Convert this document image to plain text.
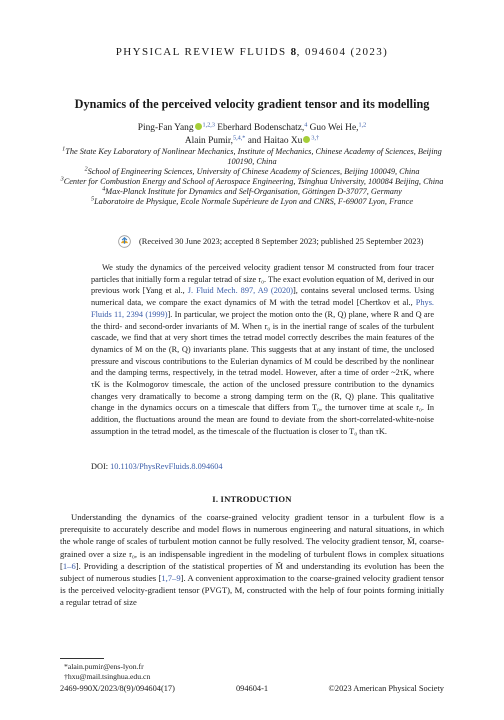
PHYSICAL REVIEW FLUIDS 8, 094604 (2023)
Dynamics of the perceived velocity gradient tensor and its modelling
Ping-Fan Yang $^{1,2,3}$ Eberhard Bodenschatz,$^4$ Guo Wei He,$^{1,2}$
Alain Pumir,$^{5,4,*}$ and Haitao Xu $^{3,\dagger}$
$^1$The State Key Laboratory of Nonlinear Mechanics, Institute of Mechanics, Chinese Academy of Sciences, Beijing 100190, China
$^2$School of Engineering Sciences, University of Chinese Academy of Sciences, Beijing 100049, China
$^3$Center for Combustion Energy and School of Aerospace Engineering, Tsinghua University, 100084 Beijing, China
$^4$Max-Planck Institute for Dynamics and Self-Organisation, Göttingen D-37077, Germany
$^5$Laboratoire de Physique, Ecole Normale Supérieure de Lyon and CNRS, F-69007 Lyon, France
(Received 30 June 2023; accepted 8 September 2023; published 25 September 2023)

We study the dynamics of the perceived velocity gradient tensor M constructed from four tracer particles that initially form a regular tetrad of size r₀. The exact evolution equation of M, derived in our previous work [Yang et al., J. Fluid Mech. 897, A9 (2020)], contains several unclosed terms. Using numerical data, we compare the exact dynamics of M with the tetrad model [Chertkov et al., Phys. Fluids 11, 2394 (1999)]. In particular, we project the motion onto the (R, Q) plane, where R and Q are the third- and second-order invariants of M. When r₀ is in the inertial range of scales of the turbulent cascade, we find that at very short times the tetrad model correctly describes the main features of the dynamics of M on the (R, Q) invariants plane. This suggests that at any instant of time, the unclosed pressure and viscous contributions to the Eulerian dynamics of M could be described by the nonlinear and the damping terms, respectively, in the tetrad model. However, after a time of order ~2τK, where τK is the Kolmogorov timescale, the action of the unclosed pressure contribution to the dynamics changes very dramatically to become a strong damping term on the (R, Q) plane. This qualitative change in the dynamics occurs on a timescale that differs from T₀, the turnover time at scale r₀. In addition, the fluctuations around the mean are found to deviate from the short-correlated-white-noise assumption in the tetrad model, as the timescale of the fluctuation is closer to T₀ than τK.

DOI: 10.1103/PhysRevFluids.8.094604
I. INTRODUCTION

Understanding the dynamics of the coarse-grained velocity gradient tensor in a turbulent flow is a prerequisite to accurately describe and model flows in numerous engineering and natural situations, in which the whole range of scales of turbulent motion cannot be fully resolved. The velocity gradient tensor, M̃, coarse-grained over a size r₀, is an indispensable ingredient in the modeling of turbulent flows in complex situations [1–6]. Providing a description of the statistical properties of M̃ and understanding its evolution has been the subject of numerous studies [1,7–9]. A convenient approximation to the coarse-grained velocity gradient tensor is the perceived velocity-gradient tensor (PVGT), M, constructed with the help of four points forming initially a regular tetrad of size

*alain.pumir@ens-lyon.fr
†hxu@mail.tsinghua.edu.cn
2469-990X/2023/8(9)/094604(17)	094604-1	©2023 American Physical Society
